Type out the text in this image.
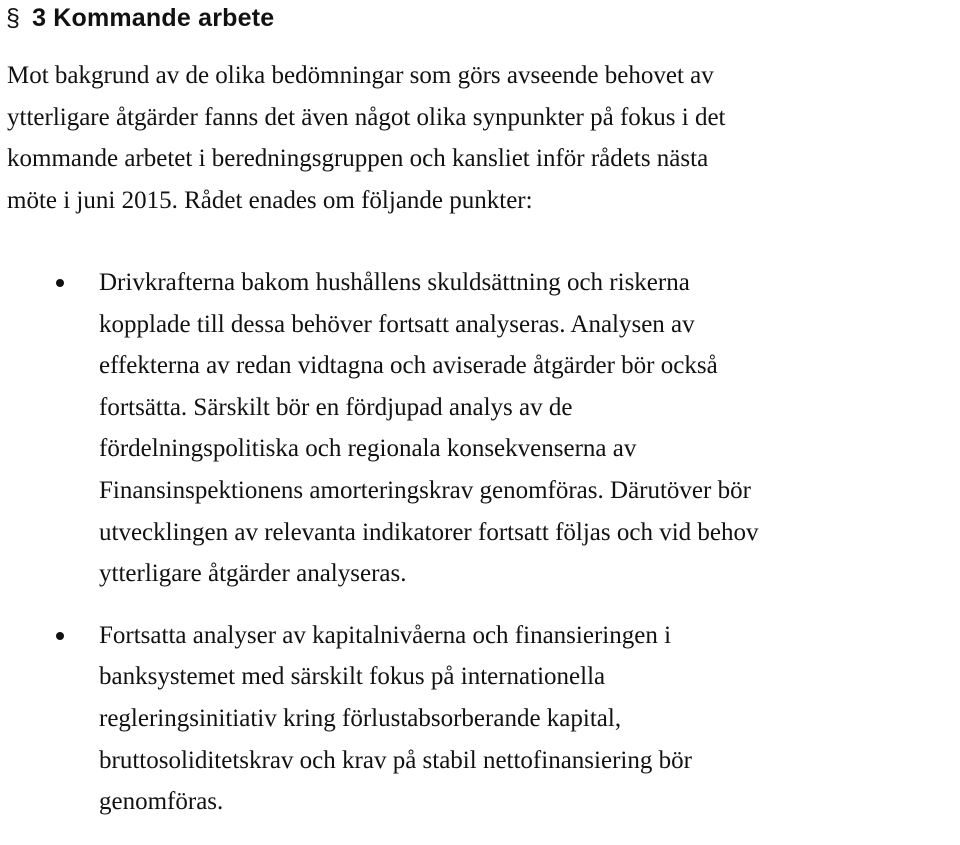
§ 3 Kommande arbete
Mot bakgrund av de olika bedömningar som görs avseende behovet av
ytterligare åtgärder fanns det även något olika synpunkter på fokus i det
kommande arbetet i beredningsgruppen och kansliet inför rådets nästa
möte i juni 2015. Rådet enades om följande punkter:
Drivkrafterna bakom hushållens skuldsättning och riskerna
kopplade till dessa behöver fortsatt analyseras. Analysen av
effekterna av redan vidtagna och aviserade åtgärder bör också
fortsätta. Särskilt bör en fördjupad analys av de
fördelningspolitiska och regionala konsekvenserna av
Finansinspektionens amorteringskrav genomföras. Därutöver bör
utvecklingen av relevanta indikatorer fortsatt följas och vid behov
ytterligare åtgärder analyseras.
Fortsatta analyser av kapitalnivåerna och finansieringen i
banksystemet med särskilt fokus på internationella
regleringsinitiativ kring förlustabsorberande kapital,
bruttosoliditetskrav och krav på stabil nettofinansiering bör
genomföras.
